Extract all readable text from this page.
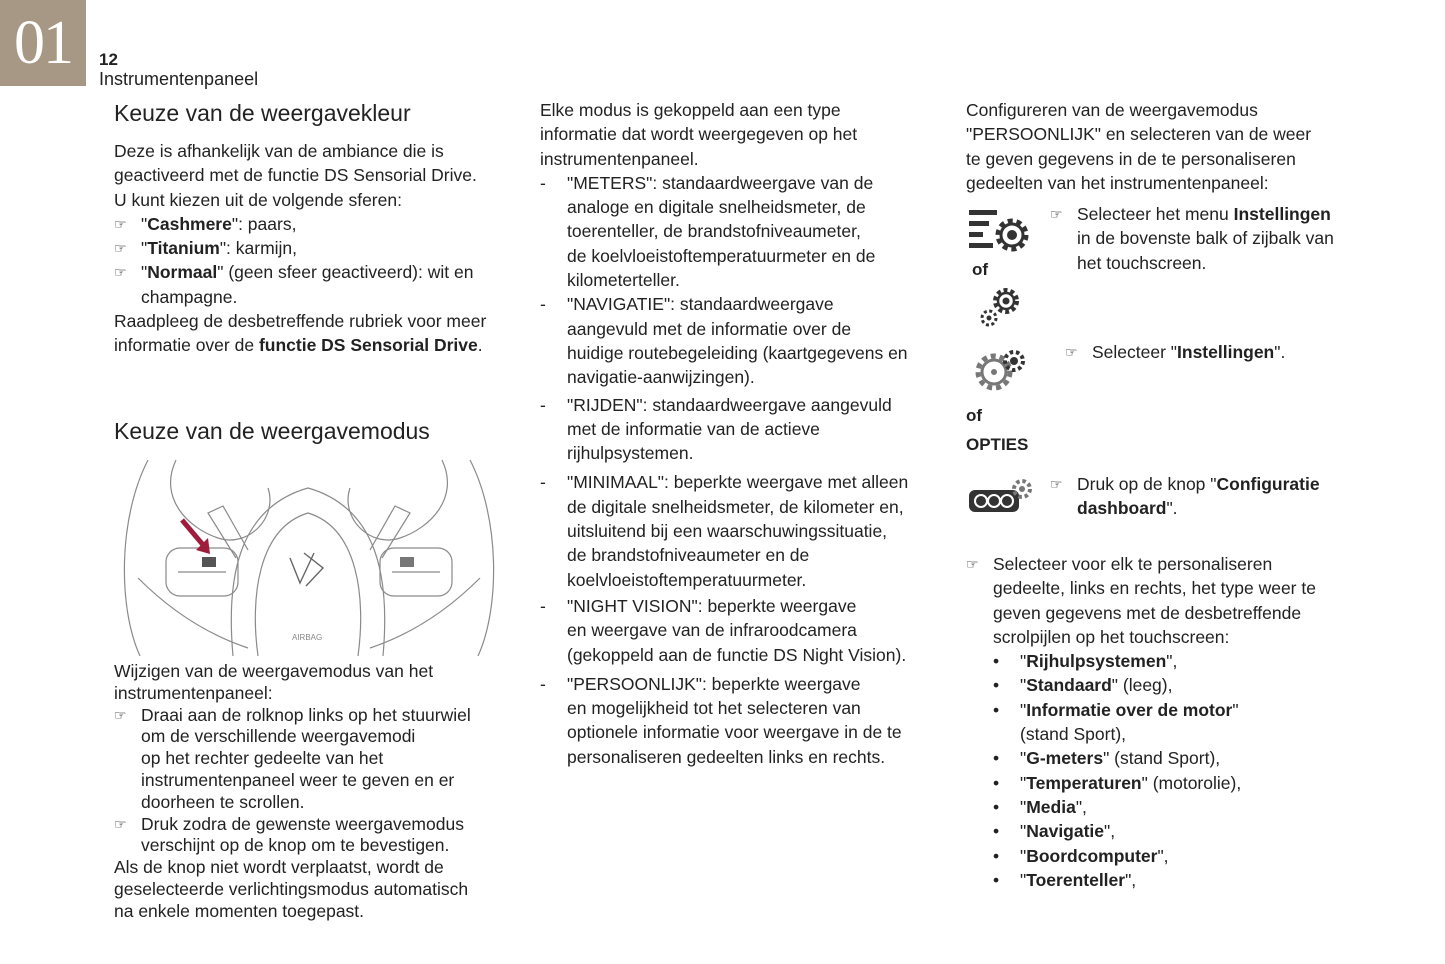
01	12
Instrumentenpaneel
Keuze van de weergavekleur

Deze is afhankelijk van de ambiance die is

geactiveerd met de functie DS Sensorial Drive.

U kunt kiezen uit de volgende sferen:

☞ "Cashmere": paars,
☞ "Titanium": karmijn,
☞ "Normaal" (geen sfeer geactiveerd): wit en
champagne.

Raadpleeg de desbetreffende rubriek voor meer

informatie over de functie DS Sensorial Drive.

Keuze van de weergavemodus
AIRBAG

Wijzigen van de weergavemodus van het

instrumentenpaneel:

☞ Draai aan de rolknop links op het stuurwiel
om de verschillende weergavemodi
op het rechter gedeelte van het
instrumentenpaneel weer te geven en er
doorheen te scrollen.
☞ Druk zodra de gewenste weergavemodus
verschijnt op de knop om te bevestigen.

Als de knop niet wordt verplaatst, wordt de

geselecteerde verlichtingsmodus automatisch

na enkele momenten toegepast.

Elke modus is gekoppeld aan een type

informatie dat wordt weergegeven op het

instrumentenpaneel.

- "METERS": standaardweergave van de
analoge en digitale snelheidsmeter, de
toerenteller, de brandstofniveaumeter,
de koelvloeistoftemperatuurmeter en de
kilometerteller.
- "NAVIGATIE": standaardweergave
aangevuld met de informatie over de
huidige routebegeleiding (kaartgegevens en
navigatie-aanwijzingen).
- "RIJDEN": standaardweergave aangevuld
met de informatie van de actieve
rijhulpsystemen.
- "MINIMAAL": beperkte weergave met alleen
de digitale snelheidsmeter, de kilometer en,
uitsluitend bij een waarschuwingssituatie,
de brandstofniveaumeter en de
koelvloeistoftemperatuurmeter.
- "NIGHT VISION": beperkte weergave
en weergave van de infraroodcamera
(gekoppeld aan de functie DS Night Vision).
- "PERSOONLIJK": beperkte weergave
en mogelijkheid tot het selecteren van
optionele informatie voor weergave in de te
personaliseren gedeelten links en rechts.

Configureren van de weergavemodus

"PERSOONLIJK" en selecteren van de weer

te geven gegevens in de te personaliseren

gedeelten van het instrumentenpaneel:

of
☞ Selecteer het menu Instellingen
in de bovenste balk of zijbalk van
het touchscreen.
☞ Selecteer "Instellingen".
of
OPTIES
☞ Druk op de knop "Configuratie
dashboard".
☞ Selecteer voor elk te personaliseren
gedeelte, links en rechts, het type weer te
geven gegevens met de desbetreffende
scrolpijlen op het touchscreen:
• "Rijhulpsystemen",
• "Standaard" (leeg),
• "Informatie over de motor"
(stand Sport),
• "G-meters" (stand Sport),
• "Temperaturen" (motorolie),
• "Media",
• "Navigatie",
• "Boordcomputer",
• "Toerenteller",
